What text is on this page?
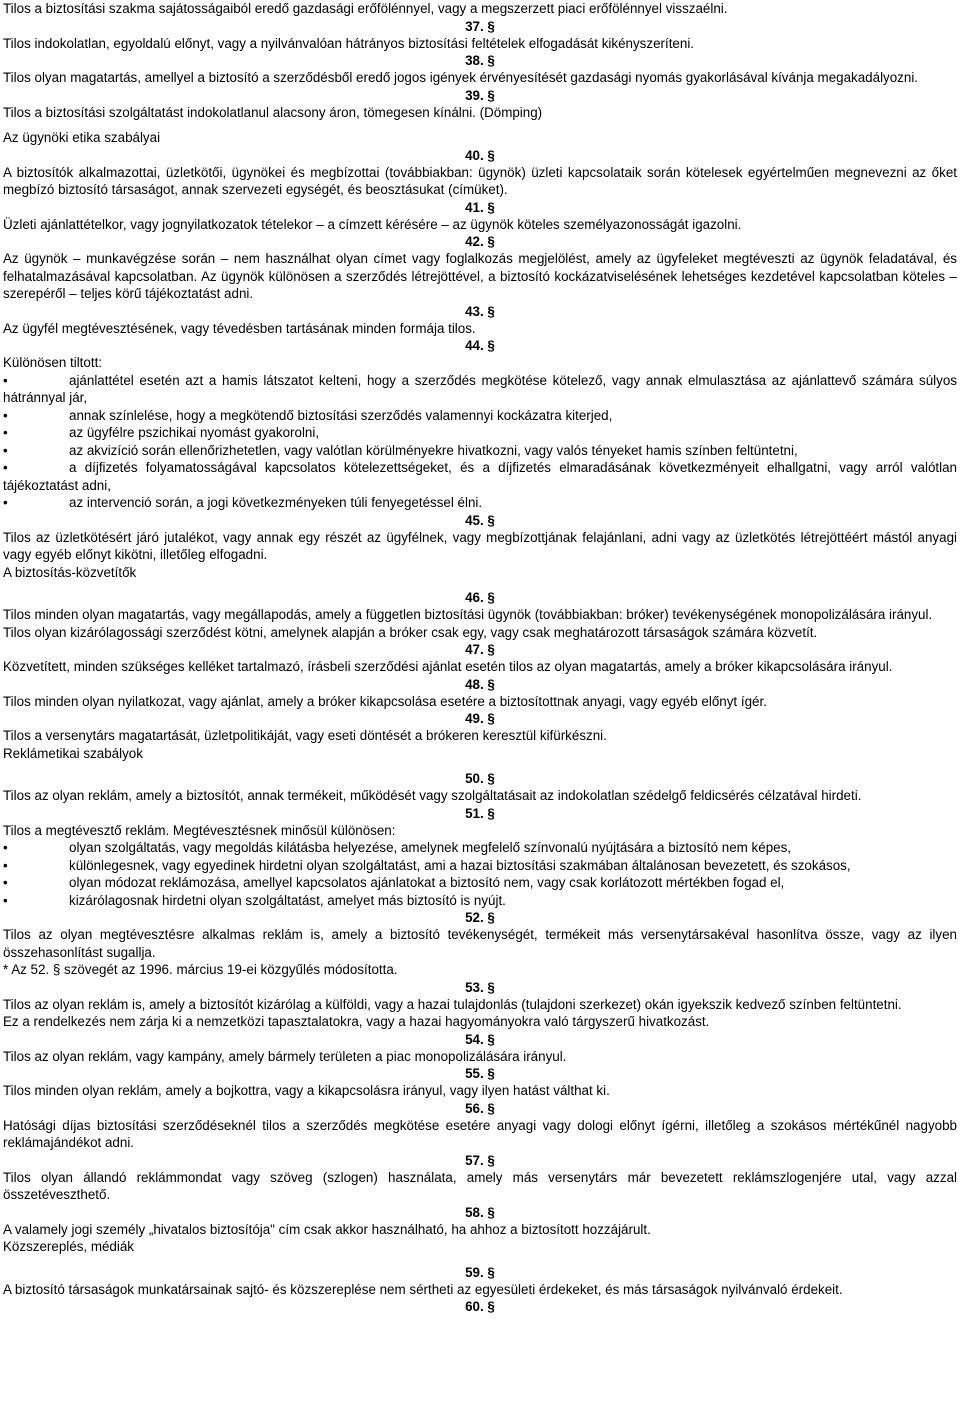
Tilos a biztosítási szakma sajátosságaiból eredő gazdasági erőfölénnyel, vagy a megszerzett piaci erőfölénnyel visszaélni.
37. §
Tilos indokolatlan, egyoldalú előnyt, vagy a nyilvánvalóan hátrányos biztosítási feltételek elfogadását kikényszeríteni.
38. §
Tilos olyan magatartás, amellyel a biztosító a szerződésből eredő jogos igények érvényesítését gazdasági nyomás gyakorlásával kívánja megakadályozni.
39. §
Tilos a biztosítási szolgáltatást indokolatlanul alacsony áron, tömegesen kínálni. (Dömping)
Az ügynöki etika szabályai
40. §
A biztosítók alkalmazottai, üzletkötői, ügynökei és megbízottai (továbbiakban: ügynök) üzleti kapcsolataik során kötelesek egyértelműen megnevezni az őket megbízó biztosító társaságot, annak szervezeti egységét, és beosztásukat (címüket).
41. §
Üzleti ajánlattételkor, vagy jognyilatkozatok tételekor – a címzett kérésére – az ügynök köteles személyazonosságát igazolni.
42. §
Az ügynök – munkavégzése során – nem használhat olyan címet vagy foglalkozás megjelölést, amely az ügyfeleket megtéveszti az ügynök feladatával, és felhatalmazásával kapcsolatban. Az ügynök különösen a szerződés létrejöttével, a biztosító kockázatviselésének lehetséges kezdetével kapcsolatban köteles – szerepéről – teljes körű tájékoztatást adni.
43. §
Az ügyfél megtévesztésének, vagy tévedésben tartásának minden formája tilos.
44. §
Különösen tiltott:
•	ajánlattétel esetén azt a hamis látszatot kelteni, hogy a szerződés megkötése kötelező, vagy annak elmulasztása az ajánlattevő számára súlyos hátránnyal jár,
•	annak színlelése, hogy a megkötendő biztosítási szerződés valamennyi kockázatra kiterjed,
•	az ügyfélre pszichikai nyomást gyakorolni,
•	az akvizíció során ellenőrizhetetlen, vagy valótlan körülményekre hivatkozni, vagy valós tényeket hamis színben feltüntetni,
•	a díjfizetés folyamatosságával kapcsolatos kötelezettségeket, és a díjfizetés elmaradásának következményeit elhallgatni, vagy arról valótlan tájékoztatást adni,
•	az intervenció során, a jogi következményeken túli fenyegetéssel élni.
45. §
Tilos az üzletkötésért járó jutalékot, vagy annak egy részét az ügyfélnek, vagy megbízottjának felajánlani, adni vagy az üzletkötés létrejöttéért mástól anyagi vagy egyéb előnyt kikötni, illetőleg elfogadni.
A biztosítás-közvetítők
46. §
Tilos minden olyan magatartás, vagy megállapodás, amely a független biztosítási ügynök (továbbiakban: bróker) tevékenységének monopolizálására irányul.
Tilos olyan kizárólagossági szerződést kötni, amelynek alapján a bróker csak egy, vagy csak meghatározott társaságok számára közvetít.
47. §
Közvetített, minden szükséges kelléket tartalmazó, írásbeli szerződési ajánlat esetén tilos az olyan magatartás, amely a bróker kikapcsolására irányul.
48. §
Tilos minden olyan nyilatkozat, vagy ajánlat, amely a bróker kikapcsolása esetére a biztosítottnak anyagi, vagy egyéb előnyt ígér.
49. §
Tilos a versenytárs magatartását, üzletpolitikáját, vagy eseti döntését a brókeren keresztül kifürkészni.
Reklámetikai szabályok
50. §
Tilos az olyan reklám, amely a biztosítót, annak termékeit, működését vagy szolgáltatásait az indokolatlan szédelgő feldicsérés célzatával hirdeti.
51. §
Tilos a megtévesztő reklám. Megtévesztésnek minősül különösen:
•	olyan szolgáltatás, vagy megoldás kilátásba helyezése, amelynek megfelelő színvonalú nyújtására a biztosító nem képes,
•	különlegesnek, vagy egyedinek hirdetni olyan szolgáltatást, ami a hazai biztosítási szakmában általánosan bevezetett, és szokásos,
•	olyan módozat reklámozása, amellyel kapcsolatos ajánlatokat a biztosító nem, vagy csak korlátozott mértékben fogad el,
•	kizárólagosnak hirdetni olyan szolgáltatást, amelyet más biztosító is nyújt.
52. §
Tilos az olyan megtévesztésre alkalmas reklám is, amely a biztosító tevékenységét, termékeit más versenytársakéval hasonlítva össze, vagy az ilyen összehasonlítást sugallja.
* Az 52. § szövegét az 1996. március 19-ei közgyűlés módosította.
53. §
Tilos az olyan reklám is, amely a biztosítót kizárólag a külföldi, vagy a hazai tulajdonlás (tulajdoni szerkezet) okán igyekszik kedvező színben feltüntetni.
Ez a rendelkezés nem zárja ki a nemzetközi tapasztalatokra, vagy a hazai hagyományokra való tárgyszerű hivatkozást.
54. §
Tilos az olyan reklám, vagy kampány, amely bármely területen a piac monopolizálására irányul.
55. §
Tilos minden olyan reklám, amely a bojkottra, vagy a kikapcsolásra irányul, vagy ilyen hatást válthat ki.
56. §
Hatósági díjas biztosítási szerződéseknél tilos a szerződés megkötése esetére anyagi vagy dologi előnyt ígérni, illetőleg a szokásos mértékűnél nagyobb reklámajándékot adni.
57. §
Tilos olyan állandó reklámmondat vagy szöveg (szlogen) használata, amely más versenytárs már bevezetett reklámszlogenjére utal, vagy azzal összetéveszthető.
58. §
A valamely jogi személy „hivatalos biztosítója" cím csak akkor használható, ha ahhoz a biztosított hozzájárult.
Közszereplés, médiák
59. §
A biztosító társaságok munkatársainak sajtó- és közszereplése nem sértheti az egyesületi érdekeket, és más társaságok nyilvánvaló érdekeit.
60. §
